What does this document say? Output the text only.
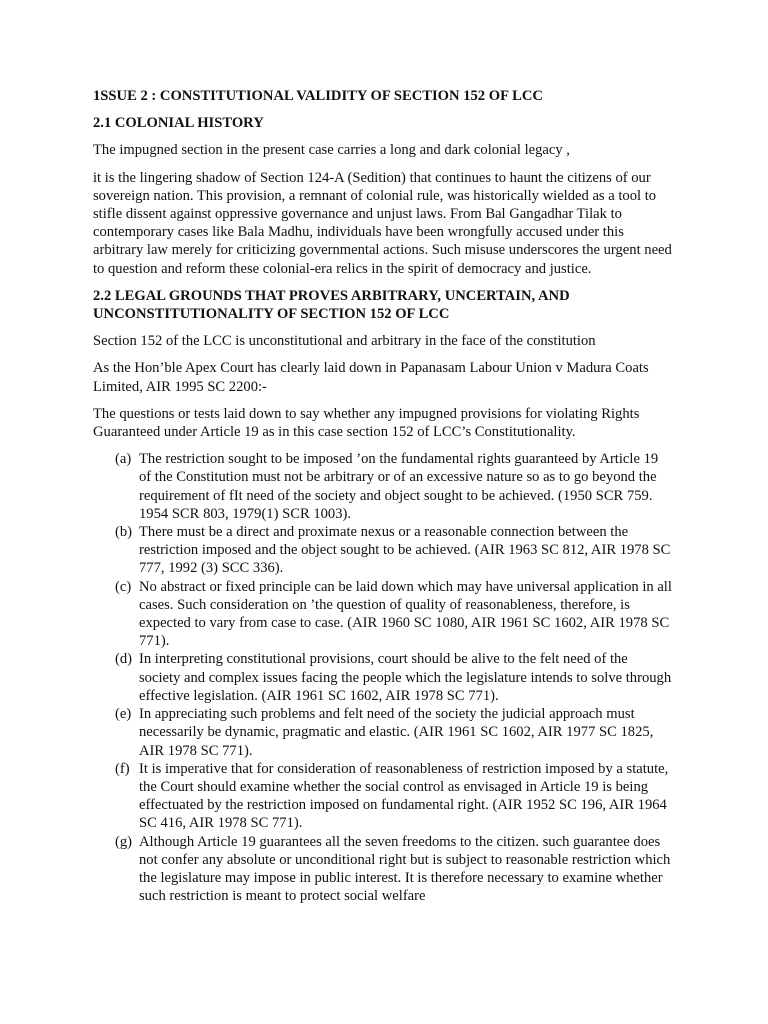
1SSUE 2 : CONSTITUTIONAL VALIDITY OF SECTION 152 OF LCC
2.1 COLONIAL HISTORY

The impugned section in the present case carries a long and dark colonial legacy ,

it is the lingering shadow of Section 124-A (Sedition) that continues to haunt the citizens of our sovereign nation. This provision, a remnant of colonial rule, was historically wielded as a tool to stifle dissent against oppressive governance and unjust laws. From Bal Gangadhar Tilak to contemporary cases like Bala Madhu, individuals have been wrongfully accused under this arbitrary law merely for criticizing governmental actions. Such misuse underscores the urgent need to question and reform these colonial-era relics in the spirit of democracy and justice.

2.2 LEGAL GROUNDS THAT PROVES ARBITRARY, UNCERTAIN, AND
UNCONSTITUTIONALITY OF SECTION 152 OF LCC

Section 152 of the LCC is unconstitutional and arbitrary in the face of the constitution

As the Hon’ble Apex Court has clearly laid down in Papanasam Labour Union v Madura Coats Limited, AIR 1995 SC 2200:-

The questions or tests laid down to say whether any impugned provisions for violating Rights Guaranteed under Article 19 as in this case section 152 of LCC’s Constitutionality.

(a) The restriction sought to be imposed ’on the fundamental rights guaranteed by Article 19 of the Constitution must not be arbitrary or of an excessive nature so as to go beyond the requirement of fIt need of the society and object sought to be achieved. (1950 SCR 759. 1954 SCR 803, 1979(1) SCR 1003).
(b) There must be a direct and proximate nexus or a reasonable connection between the restriction imposed and the object sought to be achieved. (AIR 1963 SC 812, AIR 1978 SC 777, 1992 (3) SCC 336).
(c) No abstract or fixed principle can be laid down which may have universal application in all cases. Such consideration on ’the question of quality of reasonableness, therefore, is expected to vary from case to case. (AIR 1960 SC 1080, AIR 1961 SC 1602, AIR 1978 SC 771).
(d) In interpreting constitutional provisions, court should be alive to the felt need of the society and complex issues facing the people which the legislature intends to solve through effective legislation. (AIR 1961 SC 1602, AIR 1978 SC 771).
(e) In appreciating such problems and felt need of the society the judicial approach must necessarily be dynamic, pragmatic and elastic. (AIR 1961 SC 1602, AIR 1977 SC 1825, AIR 1978 SC 771).
(f) It is imperative that for consideration of reasonableness of restriction imposed by a statute, the Court should examine whether the social control as envisaged in Article 19 is being effectuated by the restriction imposed on fundamental right. (AIR 1952 SC 196, AIR 1964 SC 416, AIR 1978 SC 771).
(g) Although Article 19 guarantees all the seven freedoms to the citizen. such guarantee does not confer any absolute or unconditional right but is subject to reasonable restriction which the legislature may impose in public interest. It is therefore necessary to examine whether such restriction is meant to protect social welfare
